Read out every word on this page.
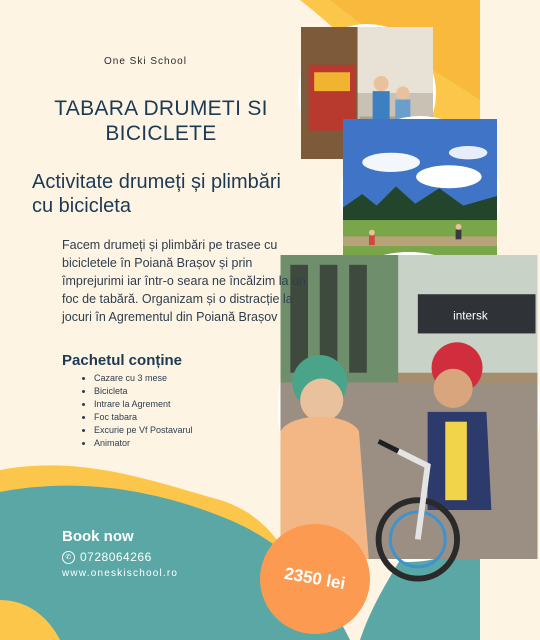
intersk
One Ski School
TABARA DRUMETI SI BICICLETE
Activitate drumeți și plimbări cu bicicleta
Facem drumeți și plimbări pe trasee cu bicicletele în Poiană Brașov și prin împrejurimi iar într-o seara ne încălzim la un foc de tabără. Organizam și o distracție la jocuri în Agrementul din Poiană Brașov
Pachetul conține
• Cazare cu 3 mese
• Bicicleta
• Intrare la Agrement
• Foc tabara
• Excurie pe Vf Postavarul
• Animator
Book now
✆ 0728064266
www.oneskischool.ro	2350 lei
